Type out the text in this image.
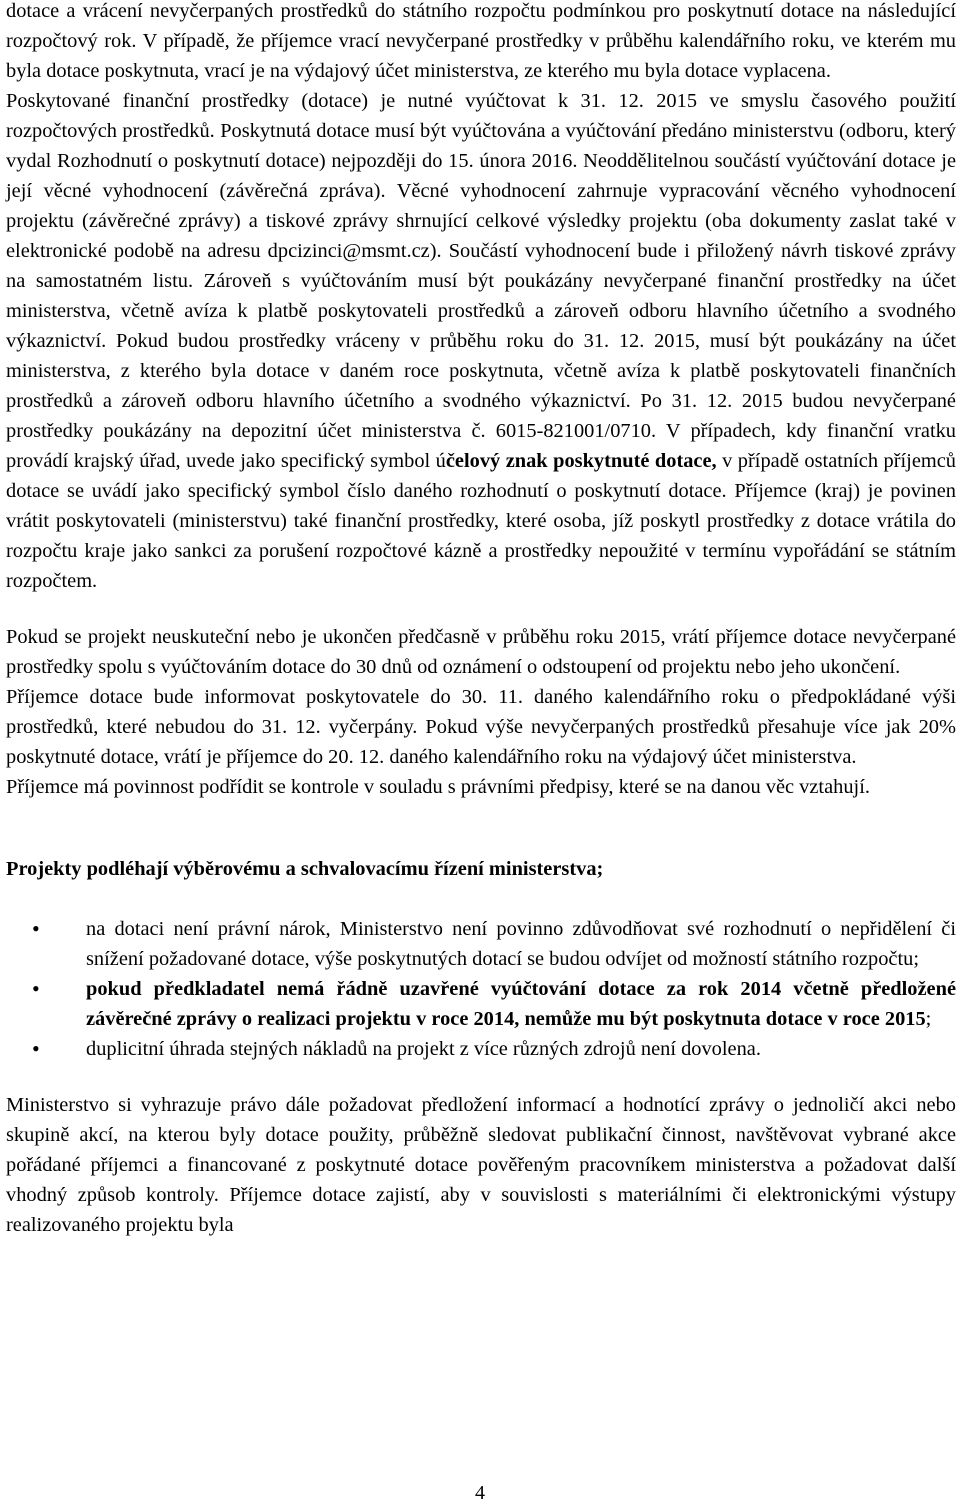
dotace a vrácení nevyčerpaných prostředků do státního rozpočtu podmínkou pro poskytnutí dotace na následující rozpočtový rok. V případě, že příjemce vrací nevyčerpané prostředky v průběhu kalendářního roku, ve kterém mu byla dotace poskytnuta, vrací je na výdajový účet ministerstva, ze kterého mu byla dotace vyplacena.

Poskytované finanční prostředky (dotace) je nutné vyúčtovat k 31. 12. 2015 ve smyslu časového použití rozpočtových prostředků. Poskytnutá dotace musí být vyúčtována a vyúčtování předáno ministerstvu (odboru, který vydal Rozhodnutí o poskytnutí dotace) nejpozději do 15. února 2016. Neoddělitelnou součástí vyúčtování dotace je její věcné vyhodnocení (závěrečná zpráva). Věcné vyhodnocení zahrnuje vypracování věcného vyhodnocení projektu (závěrečné zprávy) a tiskové zprávy shrnující celkové výsledky projektu (oba dokumenty zaslat také v elektronické podobě na adresu dpcizinci@msmt.cz). Součástí vyhodnocení bude i přiložený návrh tiskové zprávy na samostatném listu. Zároveň s vyúčtováním musí být poukázány nevyčerpané finanční prostředky na účet ministerstva, včetně avíza k platbě poskytovateli prostředků a zároveň odboru hlavního účetního a svodného výkaznictví. Pokud budou prostředky vráceny v průběhu roku do 31. 12. 2015, musí být poukázány na účet ministerstva, z kterého byla dotace v daném roce poskytnuta, včetně avíza k platbě poskytovateli finančních prostředků a zároveň odboru hlavního účetního a svodného výkaznictví. Po 31. 12. 2015 budou nevyčerpané prostředky poukázány na depozitní účet ministerstva č. 6015-821001/0710. V případech, kdy finanční vratku provádí krajský úřad, uvede jako specifický symbol účelový znak poskytnuté dotace, v případě ostatních příjemců dotace se uvádí jako specifický symbol číslo daného rozhodnutí o poskytnutí dotace. Příjemce (kraj) je povinen vrátit poskytovateli (ministerstvu) také finanční prostředky, které osoba, jíž poskytl prostředky z dotace vrátila do rozpočtu kraje jako sankci za porušení rozpočtové kázně a prostředky nepoužité v termínu vypořádání se státním rozpočtem.

Pokud se projekt neuskuteční nebo je ukončen předčasně v průběhu roku 2015, vrátí příjemce dotace nevyčerpané prostředky spolu s vyúčtováním dotace do 30 dnů od oznámení o odstoupení od projektu nebo jeho ukončení.

Příjemce dotace bude informovat poskytovatele do 30. 11. daného kalendářního roku o předpokládané výši prostředků, které nebudou do 31. 12. vyčerpány. Pokud výše nevyčerpaných prostředků přesahuje více jak 20% poskytnuté dotace, vrátí je příjemce do 20. 12. daného kalendářního roku na výdajový účet ministerstva.

Příjemce má povinnost podřídit se kontrole v souladu s právními předpisy, které se na danou věc vztahují.

Projekty podléhají výběrovému a schvalovacímu řízení ministerstva;

• na dotaci není právní nárok, Ministerstvo není povinno zdůvodňovat své rozhodnutí o nepřidělení či snížení požadované dotace, výše poskytnutých dotací se budou odvíjet od možností státního rozpočtu;
• pokud předkladatel nemá řádně uzavřené vyúčtování dotace za rok 2014 včetně předložené závěrečné zprávy o realizaci projektu v roce 2014, nemůže mu být poskytnuta dotace v roce 2015;
• duplicitní úhrada stejných nákladů na projekt z více různých zdrojů není dovolena.

Ministerstvo si vyhrazuje právo dále požadovat předložení informací a hodnotící zprávy o jednoličí akci nebo skupině akcí, na kterou byly dotace použity, průběžně sledovat publikační činnost, navštěvovat vybrané akce pořádané příjemci a financované z poskytnuté dotace pověřeným pracovníkem ministerstva a požadovat další vhodný způsob kontroly. Příjemce dotace zajistí, aby v souvislosti s materiálními či elektronickými výstupy realizovaného projektu byla

4
